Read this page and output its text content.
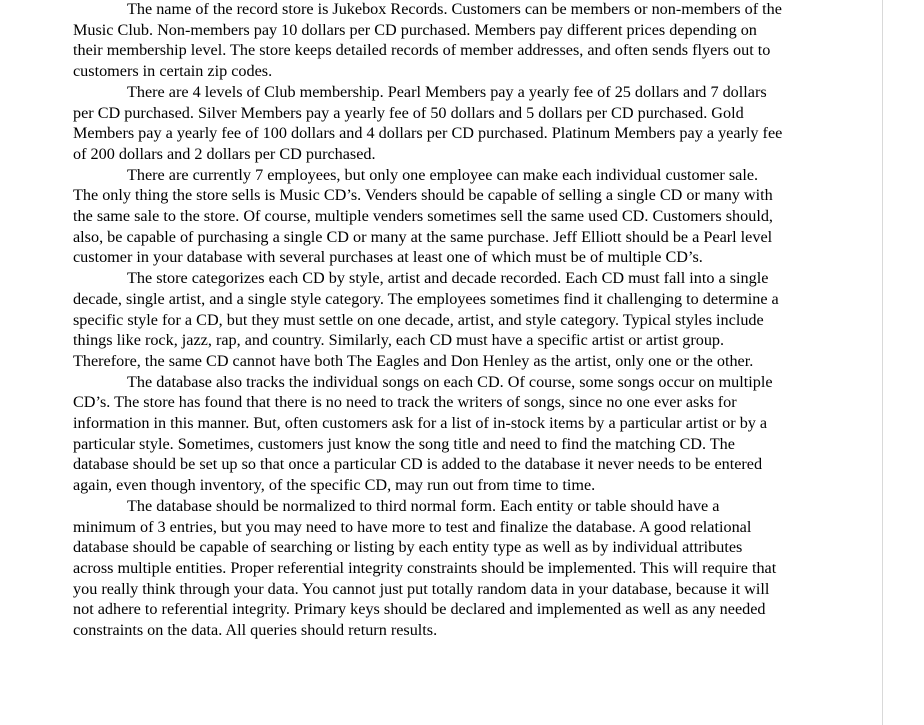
The name of the record store is Jukebox Records. Customers can be members or non-members of the Music Club. Non-members pay 10 dollars per CD purchased. Members pay different prices depending on their membership level. The store keeps detailed records of member addresses, and often sends flyers out to customers in certain zip codes.

There are 4 levels of Club membership. Pearl Members pay a yearly fee of 25 dollars and 7 dollars per CD purchased. Silver Members pay a yearly fee of 50 dollars and 5 dollars per CD purchased. Gold Members pay a yearly fee of 100 dollars and 4 dollars per CD purchased. Platinum Members pay a yearly fee of 200 dollars and 2 dollars per CD purchased.

There are currently 7 employees, but only one employee can make each individual customer sale. The only thing the store sells is Music CD’s. Venders should be capable of selling a single CD or many with the same sale to the store. Of course, multiple venders sometimes sell the same used CD. Customers should, also, be capable of purchasing a single CD or many at the same purchase. Jeff Elliott should be a Pearl level customer in your database with several purchases at least one of which must be of multiple CD’s.

The store categorizes each CD by style, artist and decade recorded. Each CD must fall into a single decade, single artist, and a single style category. The employees sometimes find it challenging to determine a specific style for a CD, but they must settle on one decade, artist, and style category. Typical styles include things like rock, jazz, rap, and country. Similarly, each CD must have a specific artist or artist group. Therefore, the same CD cannot have both The Eagles and Don Henley as the artist, only one or the other.

The database also tracks the individual songs on each CD. Of course, some songs occur on multiple CD’s. The store has found that there is no need to track the writers of songs, since no one ever asks for information in this manner. But, often customers ask for a list of in-stock items by a particular artist or by a particular style. Sometimes, customers just know the song title and need to find the matching CD. The database should be set up so that once a particular CD is added to the database it never needs to be entered again, even though inventory, of the specific CD, may run out from time to time.

The database should be normalized to third normal form. Each entity or table should have a minimum of 3 entries, but you may need to have more to test and finalize the database. A good relational database should be capable of searching or listing by each entity type as well as by individual attributes across multiple entities. Proper referential integrity constraints should be implemented. This will require that you really think through your data. You cannot just put totally random data in your database, because it will not adhere to referential integrity. Primary keys should be declared and implemented as well as any needed constraints on the data. All queries should return results.
